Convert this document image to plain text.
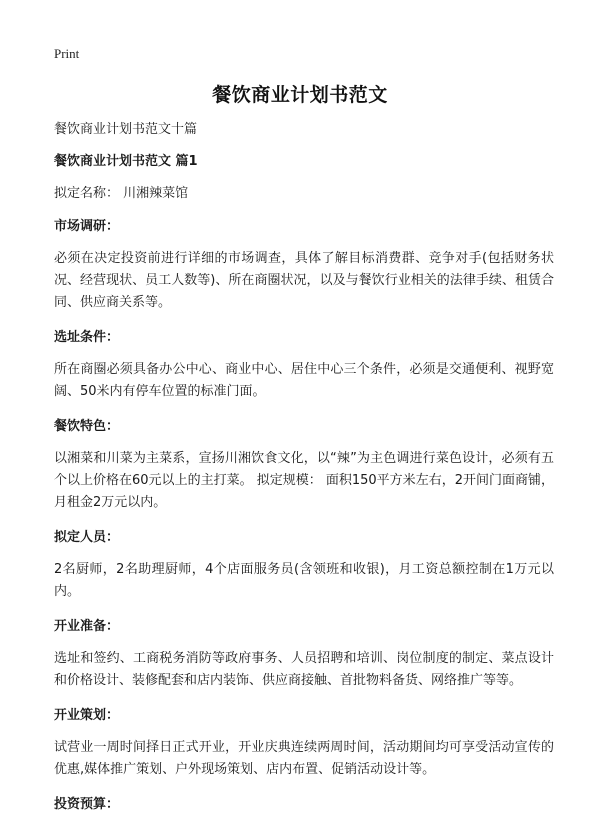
Print
餐饮商业计划书范文

餐饮商业计划书范文十篇

餐饮商业计划书范文 篇1

拟定名称： 川湘辣菜馆

市场调研：

必须在决定投资前进行详细的市场调查，具体了解目标消费群、竞争对手(包括财务状况、经营现状、员工人数等)、所在商圈状况，以及与餐饮行业相关的法律手续、租赁合同、供应商关系等。

选址条件：

所在商圈必须具备办公中心、商业中心、居住中心三个条件，必须是交通便利、视野宽阔、50米内有停车位置的标准门面。

餐饮特色：

以湘菜和川菜为主菜系，宣扬川湘饮食文化，以“辣”为主色调进行菜色设计，必须有五个以上价格在60元以上的主打菜。 拟定规模： 面积150平方米左右，2开间门面商铺，月租金2万元以内。

拟定人员：

2名厨师，2名助理厨师，4个店面服务员(含领班和收银)，月工资总额控制在1万元以内。

开业准备：

选址和签约、工商税务消防等政府事务、人员招聘和培训、岗位制度的制定、菜点设计和价格设计、装修配套和店内装饰、供应商接触、首批物料备货、网络推广等等。

开业策划：

试营业一周时间择日正式开业，开业庆典连续两周时间，活动期间均可享受活动宣传的优惠,媒体推广策划、户外现场策划、店内布置、促销活动设计等。

投资预算：
